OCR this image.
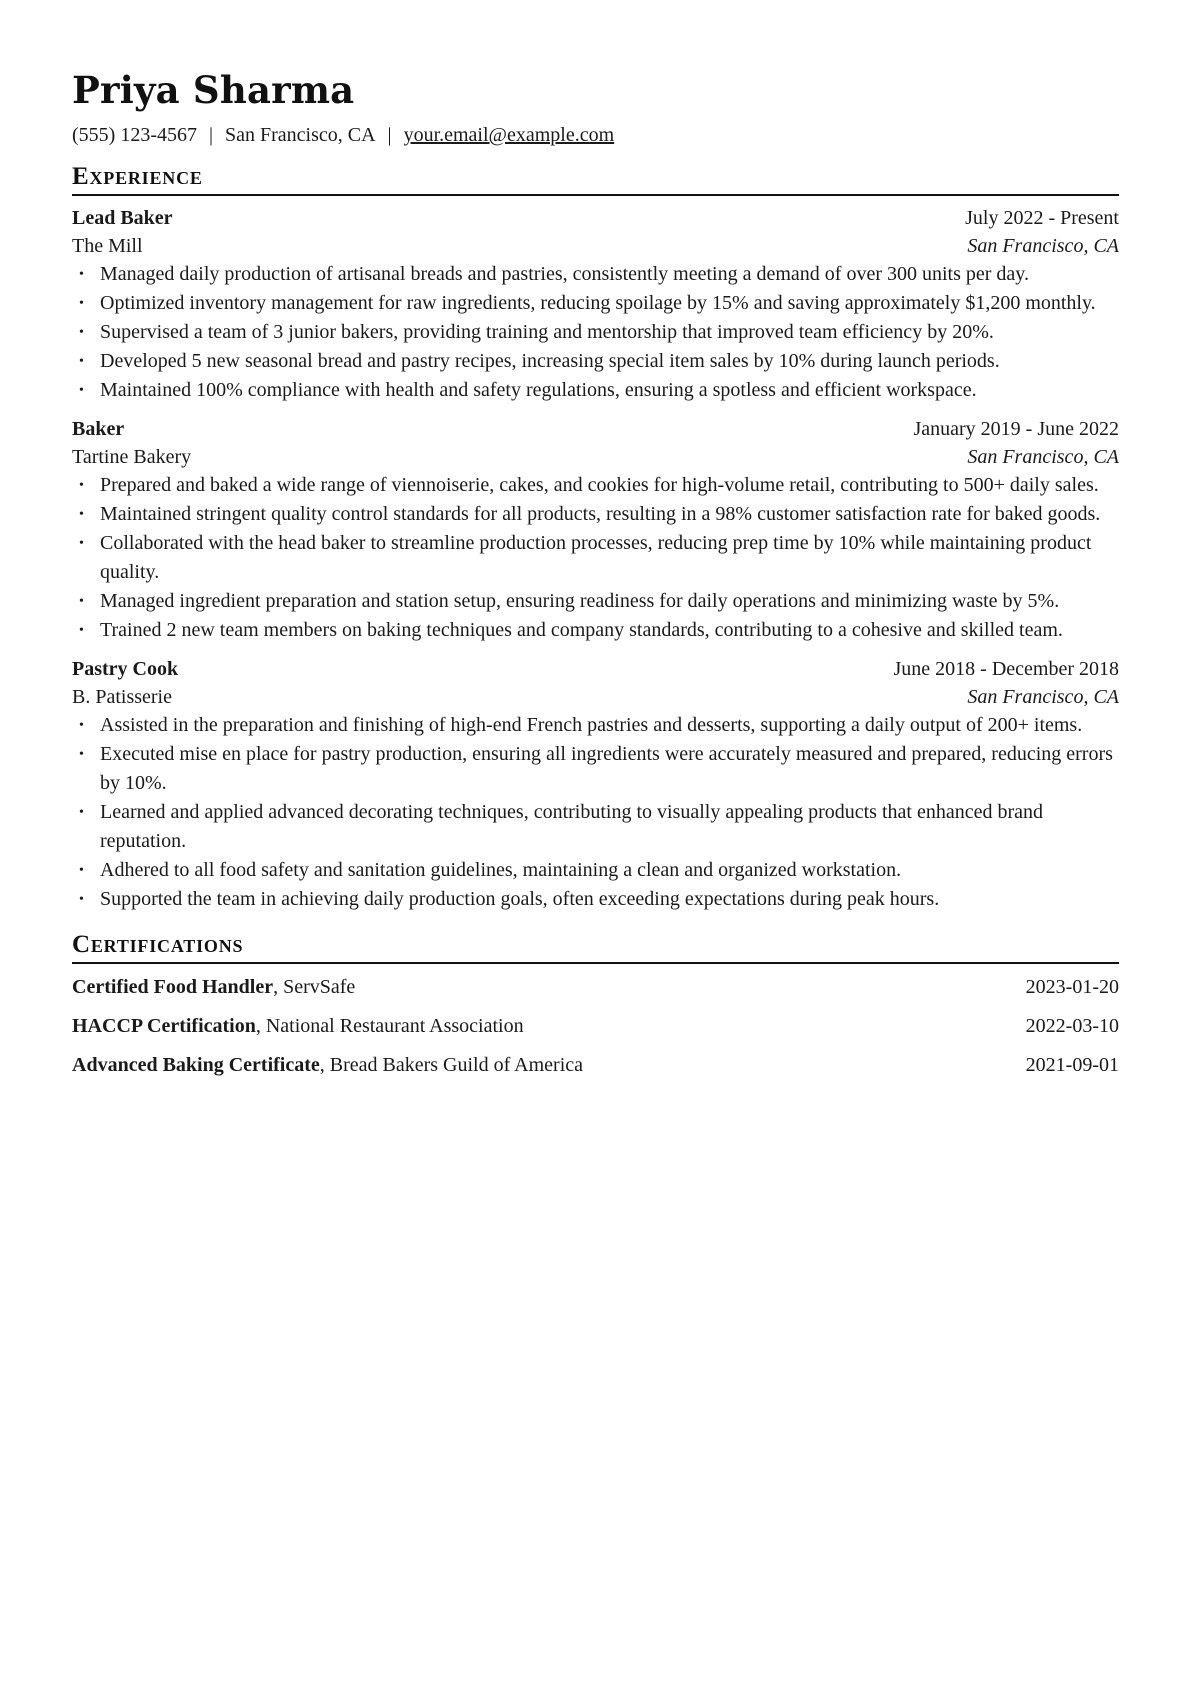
Priya Sharma
(555) 123-4567 | San Francisco, CA | your.email@example.com
Experience
Lead Baker	July 2022 - Present
The Mill	San Francisco, CA
• Managed daily production of artisanal breads and pastries, consistently meeting a demand of over 300 units per day.
• Optimized inventory management for raw ingredients, reducing spoilage by 15% and saving approximately $1,200 monthly.
• Supervised a team of 3 junior bakers, providing training and mentorship that improved team efficiency by 20%.
• Developed 5 new seasonal bread and pastry recipes, increasing special item sales by 10% during launch periods.
• Maintained 100% compliance with health and safety regulations, ensuring a spotless and efficient workspace.
Baker	January 2019 - June 2022
Tartine Bakery	San Francisco, CA
• Prepared and baked a wide range of viennoiserie, cakes, and cookies for high-volume retail, contributing to 500+ daily sales.
• Maintained stringent quality control standards for all products, resulting in a 98% customer satisfaction rate for baked goods.
• Collaborated with the head baker to streamline production processes, reducing prep time by 10% while maintaining product quality.
• Managed ingredient preparation and station setup, ensuring readiness for daily operations and minimizing waste by 5%.
• Trained 2 new team members on baking techniques and company standards, contributing to a cohesive and skilled team.
Pastry Cook	June 2018 - December 2018
B. Patisserie	San Francisco, CA
• Assisted in the preparation and finishing of high-end French pastries and desserts, supporting a daily output of 200+ items.
• Executed mise en place for pastry production, ensuring all ingredients were accurately measured and prepared, reducing errors by 10%.
• Learned and applied advanced decorating techniques, contributing to visually appealing products that enhanced brand reputation.
• Adhered to all food safety and sanitation guidelines, maintaining a clean and organized workstation.
• Supported the team in achieving daily production goals, often exceeding expectations during peak hours.
Certifications
Certified Food Handler, ServSafe	2023-01-20
HACCP Certification, National Restaurant Association	2022-03-10
Advanced Baking Certificate, Bread Bakers Guild of America	2021-09-01
